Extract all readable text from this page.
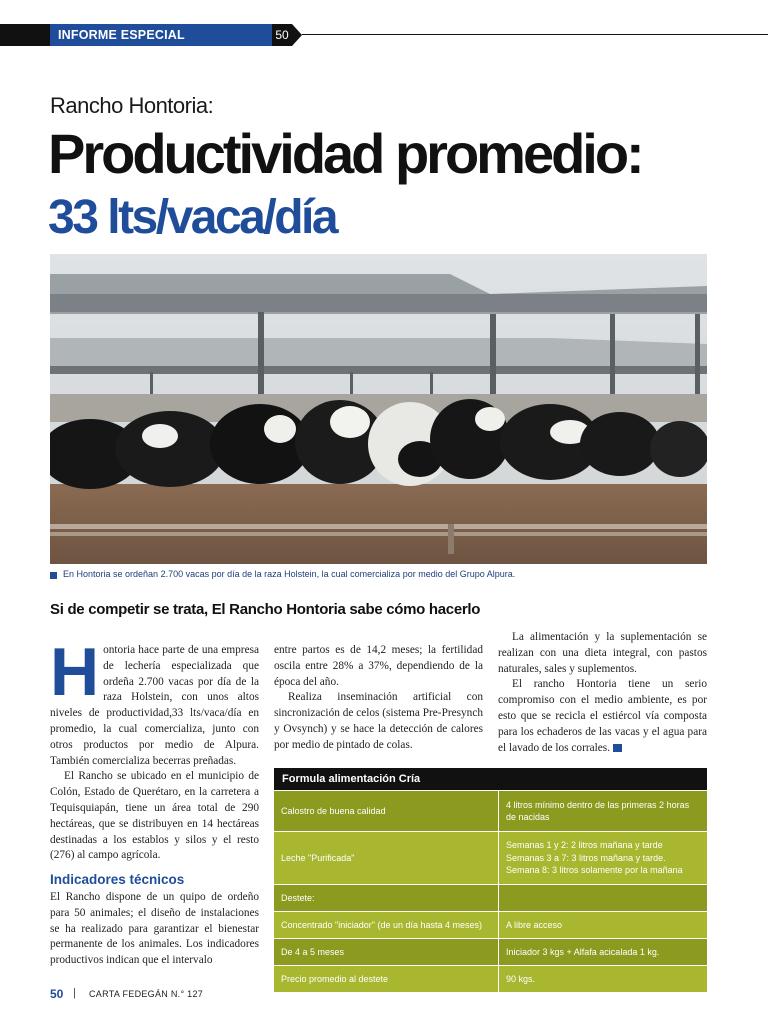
INFORME ESPECIAL	50
Rancho Hontoria:
Productividad promedio:
33 lts/vaca/día
En Hontoria se ordeñan 2.700 vacas por día de la raza Holstein, la cual comercializa por medio del Grupo Alpura.
Si de competir se trata, El Rancho Hontoria sabe cómo hacerlo

Hontoria hace parte de una empresa de lechería especializada que ordeña 2.700 vacas por día de la raza Holstein, con unos altos niveles de productividad,33 lts/vaca/día en promedio, la cual comercializa, junto con otros productos por medio de Alpura. También comercializa becerras preñadas.

El Rancho se ubicado en el municipio de Colón, Estado de Querétaro, en la carretera a Tequisquiapán, tiene un área total de 290 hectáreas, que se distribuyen en 14 hectáreas destinadas a los establos y silos y el resto (276) al campo agrícola.

Indicadores técnicos

El Rancho dispone de un quipo de ordeño para 50 animales; el diseño de instalaciones se ha realizado para garantizar el bienestar permanente de los animales. Los indicadores productivos indican que el intervalo

entre partos es de 14,2 meses; la fertilidad oscila entre 28% a 37%, dependiendo de la época del año.

Realiza inseminación artificial con sincronización de celos (sistema Pre-Presynch y Ovsynch) y se hace la detección de calores por medio de pintado de colas.

La alimentación y la suplementación se realizan con una dieta integral, con pastos naturales, sales y suplementos.

El rancho Hontoria tiene un serio compromiso con el medio ambiente, es por esto que se recicla el estiércol vía composta para los echaderos de las vacas y el agua para el lavado de los corrales.

Formula alimentación Cría	
Calostro de buena calidad	4 litros mínimo dentro de las primeras 2 horas de nacidas
Leche "Purificada"	Semanas 1 y 2: 2 litros mañana y tarde
Semanas 3 a 7: 3 litros mañana y tarde.
Semana 8: 3 litros solamente por la mañana
Destete:	
Concentrado "iniciador" (de un día hasta 4 meses)	A libre acceso
De 4 a 5 meses	Iniciador 3 kgs + Alfafa acicalada 1 kg.
Precio promedio al destete	90 kgs.
50 | CARTA FEDEGÁN N.° 127
